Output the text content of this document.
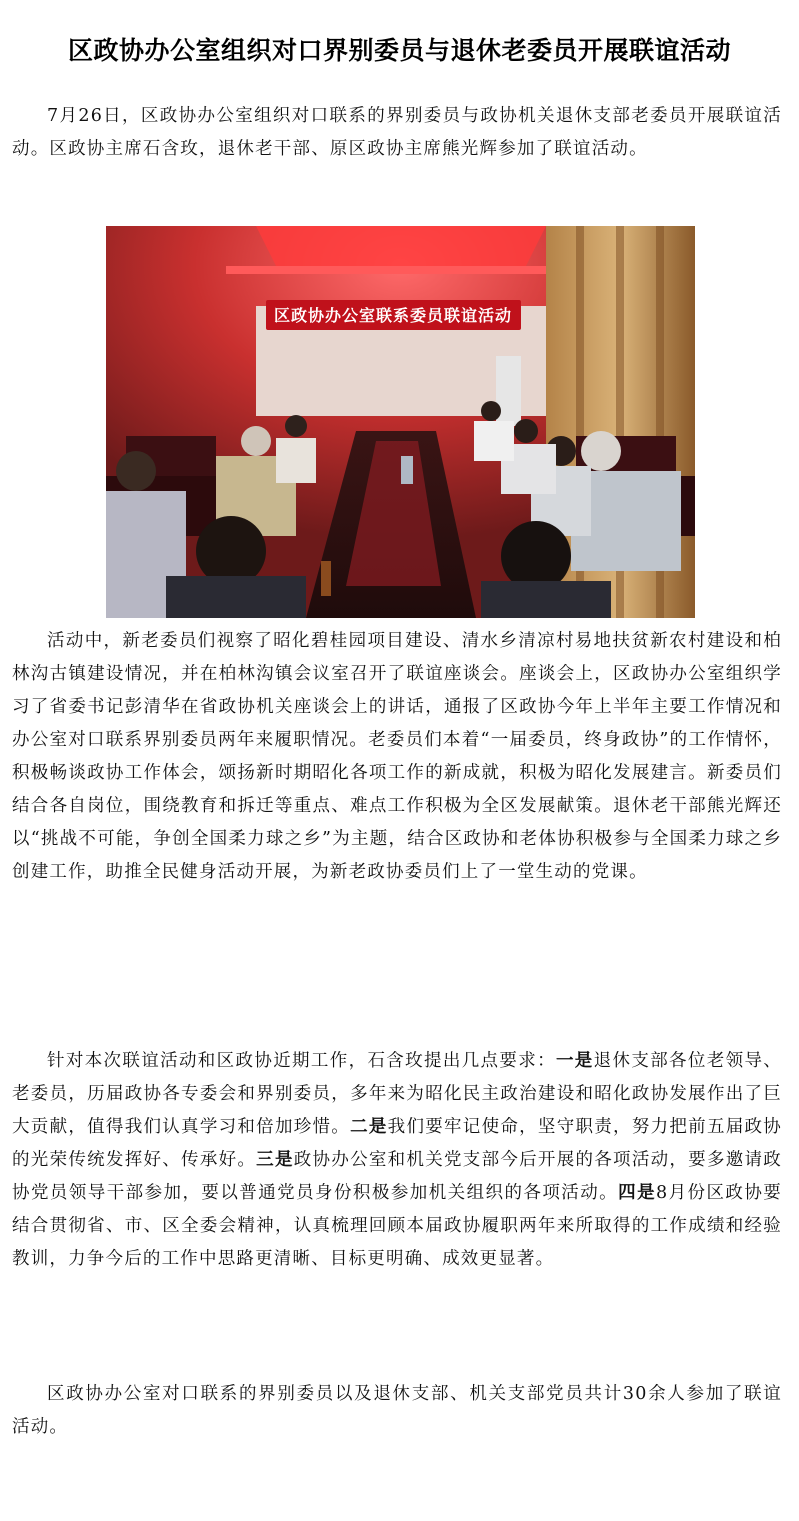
区政协办公室组织对口界别委员与退休老委员开展联谊活动

7月26日，区政协办公室组织对口联系的界别委员与政协机关退休支部老委员开展联谊活动。区政协主席石含玫，退休老干部、原区政协主席熊光辉参加了联谊活动。

区政协办公室联系委员联谊活动

活动中，新老委员们视察了昭化碧桂园项目建设、清水乡清凉村易地扶贫新农村建设和柏林沟古镇建设情况，并在柏林沟镇会议室召开了联谊座谈会。座谈会上，区政协办公室组织学习了省委书记彭清华在省政协机关座谈会上的讲话，通报了区政协今年上半年主要工作情况和办公室对口联系界别委员两年来履职情况。老委员们本着“一届委员，终身政协”的工作情怀，积极畅谈政协工作体会，颂扬新时期昭化各项工作的新成就，积极为昭化发展建言。新委员们结合各自岗位，围绕教育和拆迁等重点、难点工作积极为全区发展献策。退休老干部熊光辉还以“挑战不可能，争创全国柔力球之乡”为主题，结合区政协和老体协积极参与全国柔力球之乡创建工作，助推全民健身活动开展，为新老政协委员们上了一堂生动的党课。

针对本次联谊活动和区政协近期工作，石含玫提出几点要求：一是退休支部各位老领导、老委员，历届政协各专委会和界别委员，多年来为昭化民主政治建设和昭化政协发展作出了巨大贡献，值得我们认真学习和倍加珍惜。二是我们要牢记使命，坚守职责，努力把前五届政协的光荣传统发挥好、传承好。三是政协办公室和机关党支部今后开展的各项活动，要多邀请政协党员领导干部参加，要以普通党员身份积极参加机关组织的各项活动。四是8月份区政协要结合贯彻省、市、区全委会精神，认真梳理回顾本届政协履职两年来所取得的工作成绩和经验教训，力争今后的工作中思路更清晰、目标更明确、成效更显著。

区政协办公室对口联系的界别委员以及退休支部、机关支部党员共计30余人参加了联谊活动。
